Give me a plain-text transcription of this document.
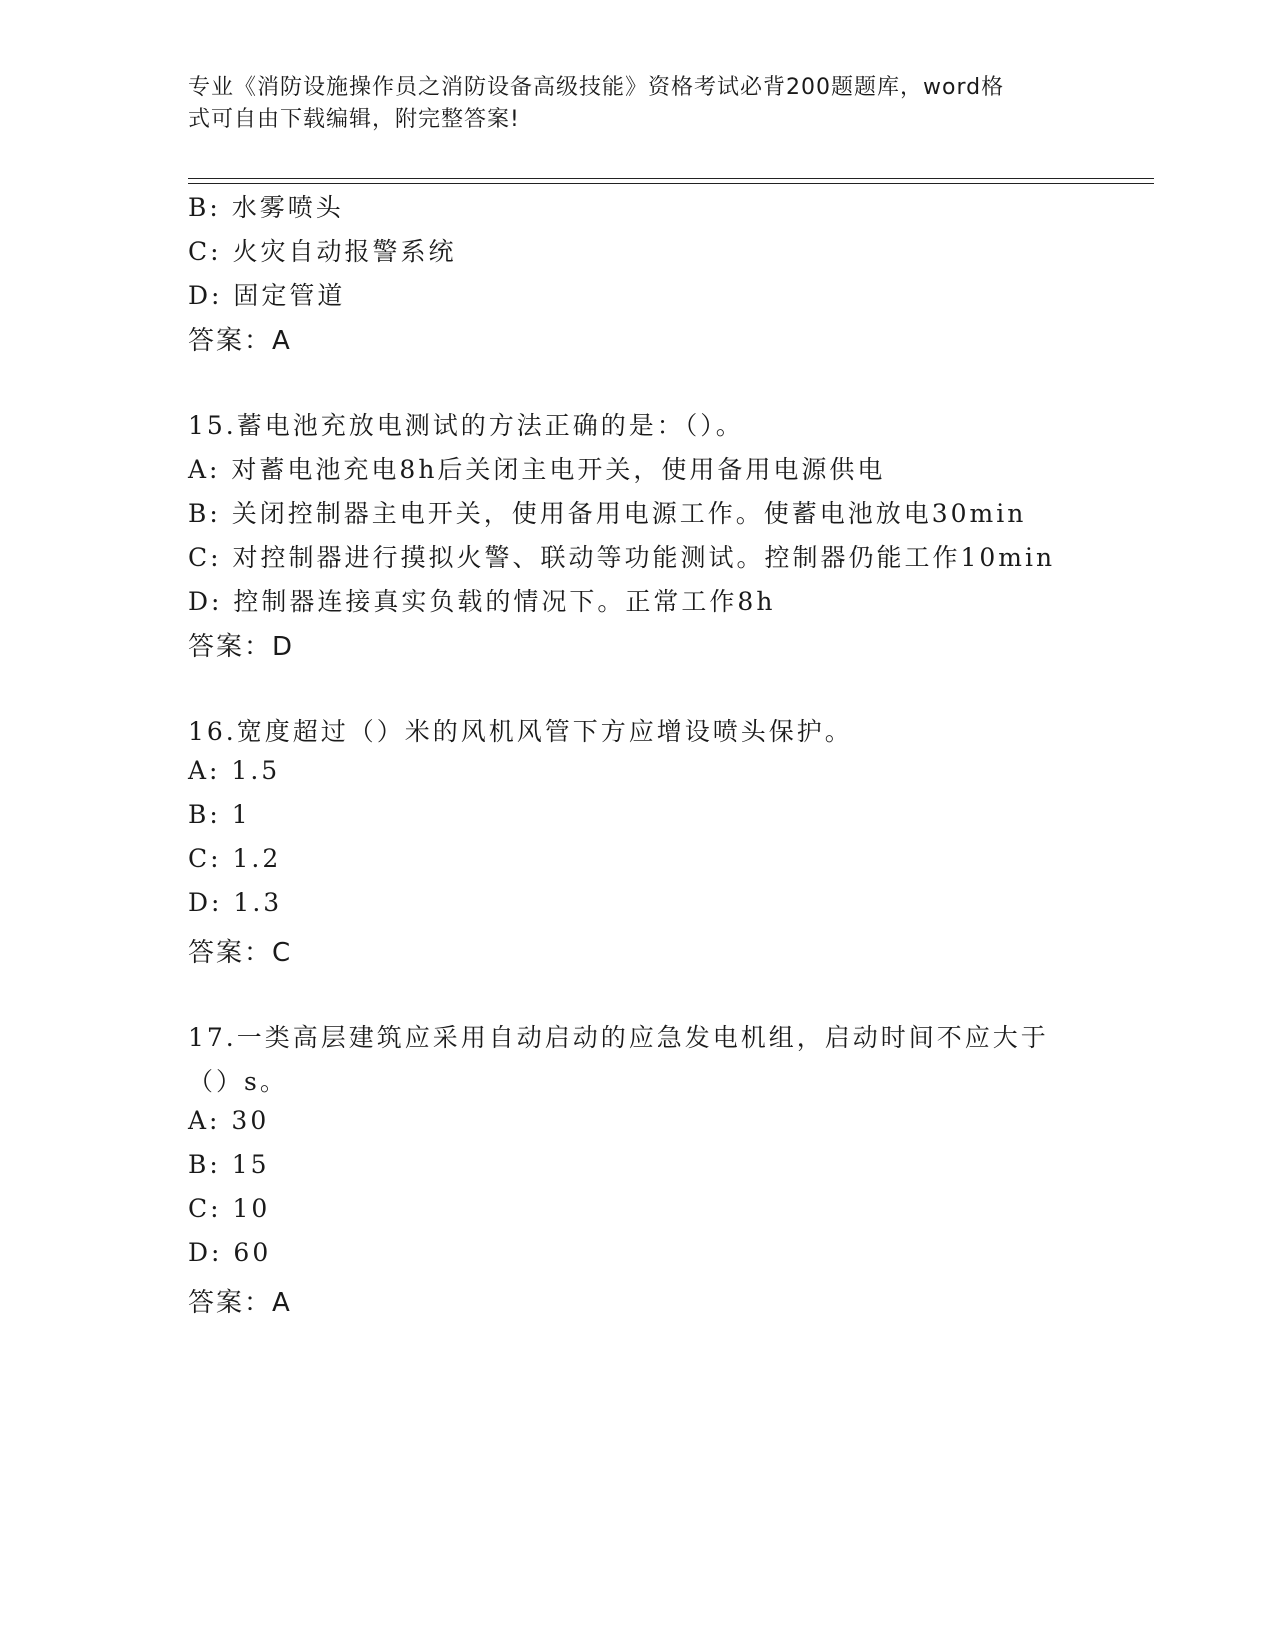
专业《消防设施操作员之消防设备高级技能》资格考试必背200题题库，word格
式可自由下载编辑，附完整答案!
B: 水雾喷头
C: 火灾自动报警系统
D: 固定管道
答案：A
15.蓄电池充放电测试的方法正确的是：（）。
A: 对蓄电池充电8h后关闭主电开关，使用备用电源供电
B: 关闭控制器主电开关，使用备用电源工作。使蓄电池放电30min
C: 对控制器进行摸拟火警、联动等功能测试。控制器仍能工作10min
D: 控制器连接真实负载的情况下。正常工作8h
答案：D
16.宽度超过（）米的风机风管下方应增设喷头保护。
A: 1.5
B: 1
C: 1.2
D: 1.3
答案：C
17.一类高层建筑应采用自动启动的应急发电机组，启动时间不应大于
（）s。
A: 30
B: 15
C: 10
D: 60
答案：A
